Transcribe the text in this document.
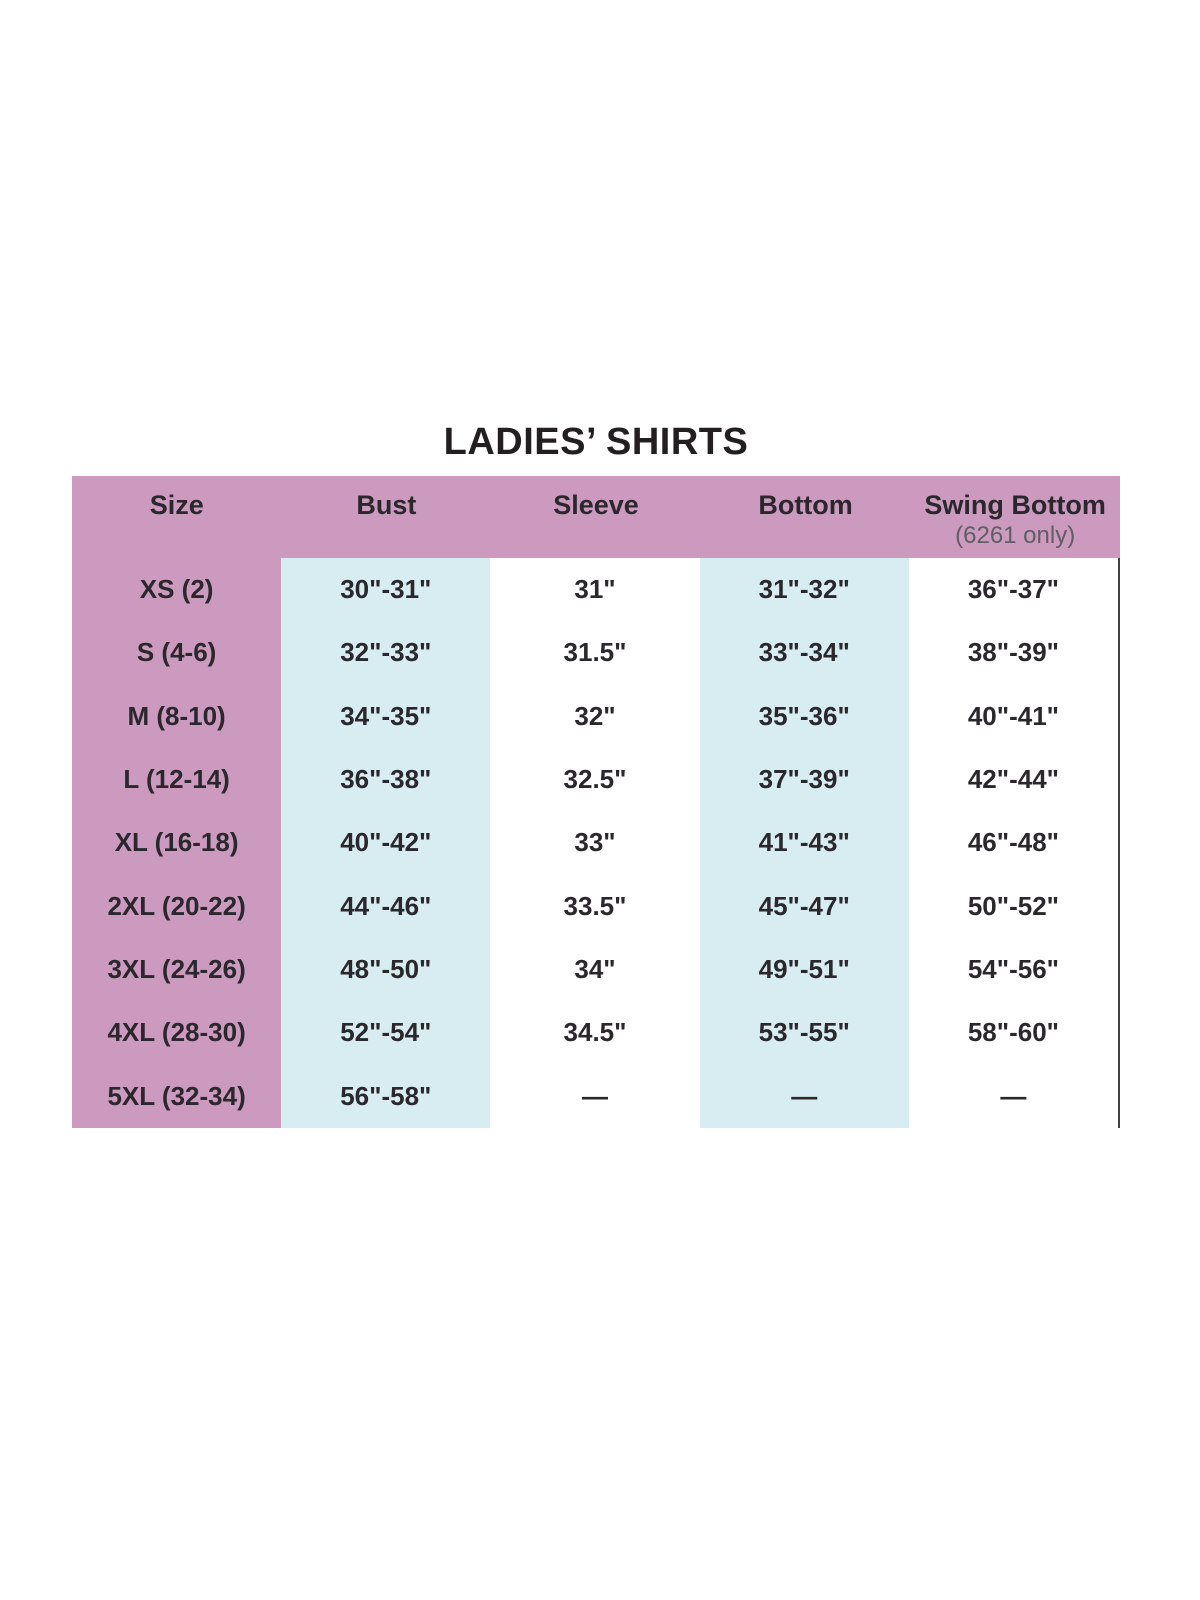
LADIES’ SHIRTS
Size	Bust	Sleeve	Bottom	Swing Bottom
(6261 only)
XS (2)	30"-31"	31"	31"-32"	36"-37"
S (4-6)	32"-33"	31.5"	33"-34"	38"-39"
M (8-10)	34"-35"	32"	35"-36"	40"-41"
L (12-14)	36"-38"	32.5"	37"-39"	42"-44"
XL (16-18)	40"-42"	33"	41"-43"	46"-48"
2XL (20-22)	44"-46"	33.5"	45"-47"	50"-52"
3XL (24-26)	48"-50"	34"	49"-51"	54"-56"
4XL (28-30)	52"-54"	34.5"	53"-55"	58"-60"
5XL (32-34)	56"-58"	—	—	—
